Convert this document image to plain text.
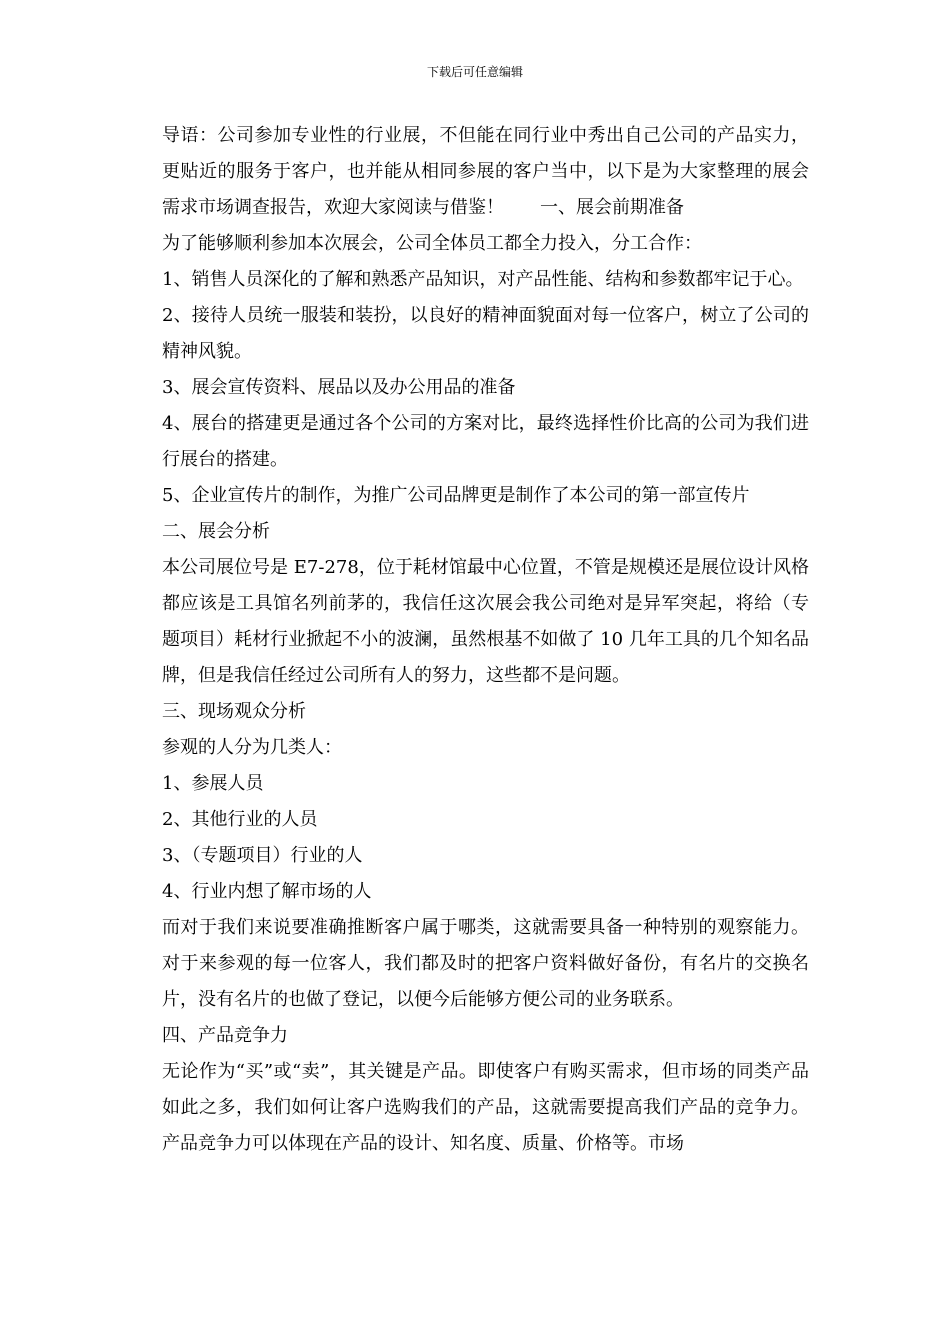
下载后可任意编辑

导语：公司参加专业性的行业展，不但能在同行业中秀出自己公司的产品实力，更贴近的服务于客户，也并能从相同参展的客户当中，以下是为大家整理的展会需求市场调查报告，欢迎大家阅读与借鉴！　　一、展会前期准备

为了能够顺利参加本次展会，公司全体员工都全力投入，分工合作：

1、销售人员深化的了解和熟悉产品知识，对产品性能、结构和参数都牢记于心。

2、接待人员统一服装和装扮，以良好的精神面貌面对每一位客户，树立了公司的精神风貌。

3、展会宣传资料、展品以及办公用品的准备

4、展台的搭建更是通过各个公司的方案对比，最终选择性价比高的公司为我们进行展台的搭建。

5、企业宣传片的制作，为推广公司品牌更是制作了本公司的第一部宣传片

二、展会分析

本公司展位号是 E7-278，位于耗材馆最中心位置，不管是规模还是展位设计风格都应该是工具馆名列前茅的，我信任这次展会我公司绝对是异军突起，将给（专题项目）耗材行业掀起不小的波澜，虽然根基不如做了 10 几年工具的几个知名品牌，但是我信任经过公司所有人的努力，这些都不是问题。

三、现场观众分析

参观的人分为几类人：

1、参展人员

2、其他行业的人员

3、（专题项目）行业的人

4、行业内想了解市场的人

而对于我们来说要准确推断客户属于哪类，这就需要具备一种特别的观察能力。对于来参观的每一位客人，我们都及时的把客户资料做好备份，有名片的交换名片，没有名片的也做了登记，以便今后能够方便公司的业务联系。

四、产品竞争力

无论作为“买”或“卖”，其关键是产品。即使客户有购买需求，但市场的同类产品如此之多，我们如何让客户选购我们的产品，这就需要提高我们产品的竞争力。产品竞争力可以体现在产品的设计、知名度、质量、价格等。市场
